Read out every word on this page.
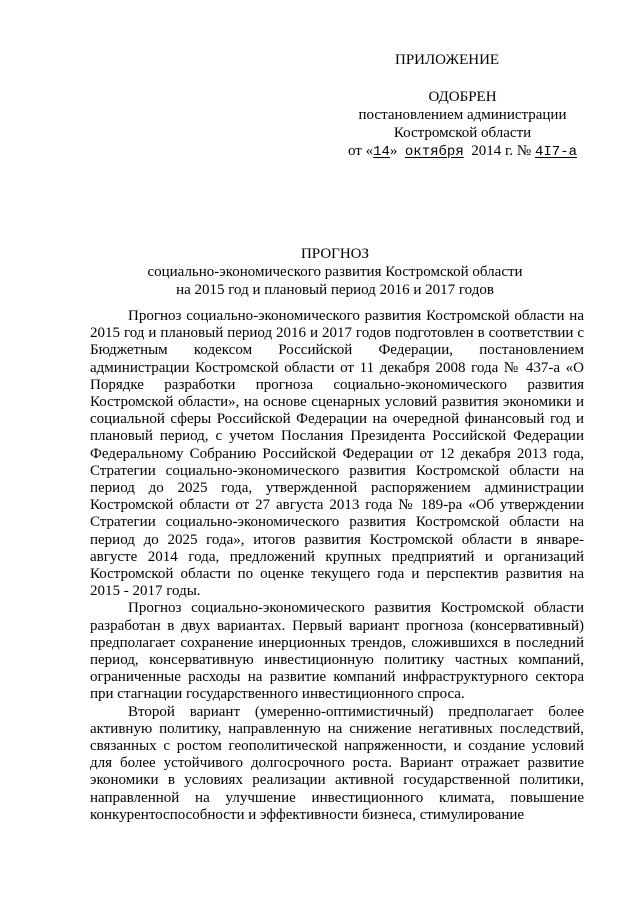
ПРИЛОЖЕНИЕ
ОДОБРЕН
постановлением администрации
Костромской области
от «14» октября 2014 г. № 4I7-а
ПРОГНОЗ
социально-экономического развития Костромской области
на 2015 год и плановый период 2016 и 2017 годов

Прогноз социально-экономического развития Костромской области на 2015 год и плановый период 2016 и 2017 годов подготовлен в соответствии с Бюджетным кодексом Российской Федерации, постановлением администрации Костромской области от 11 декабря 2008 года № 437-а «О Порядке разработки прогноза социально-экономического развития Костромской области», на основе сценарных условий развития экономики и социальной сферы Российской Федерации на очередной финансовый год и плановый период, с учетом Послания Президента Российской Федерации Федеральному Собранию Российской Федерации от 12 декабря 2013 года, Стратегии социально-экономического развития Костромской области на период до 2025 года, утвержденной распоряжением администрации Костромской области от 27 августа 2013 года № 189-ра «Об утверждении Стратегии социально-экономического развития Костромской области на период до 2025 года», итогов развития Костромской области в январе-августе 2014 года, предложений крупных предприятий и организаций Костромской области по оценке текущего года и перспектив развития на 2015 - 2017 годы.

Прогноз социально-экономического развития Костромской области разработан в двух вариантах. Первый вариант прогноза (консервативный) предполагает сохранение инерционных трендов, сложившихся в последний период, консервативную инвестиционную политику частных компаний, ограниченные расходы на развитие компаний инфраструктурного сектора при стагнации государственного инвестиционного спроса.

Второй вариант (умеренно-оптимистичный) предполагает более активную политику, направленную на снижение негативных последствий, связанных с ростом геополитической напряженности, и создание условий для более устойчивого долгосрочного роста. Вариант отражает развитие экономики в условиях реализации активной государственной политики, направленной на улучшение инвестиционного климата, повышение конкурентоспособности и эффективности бизнеса, стимулирование
